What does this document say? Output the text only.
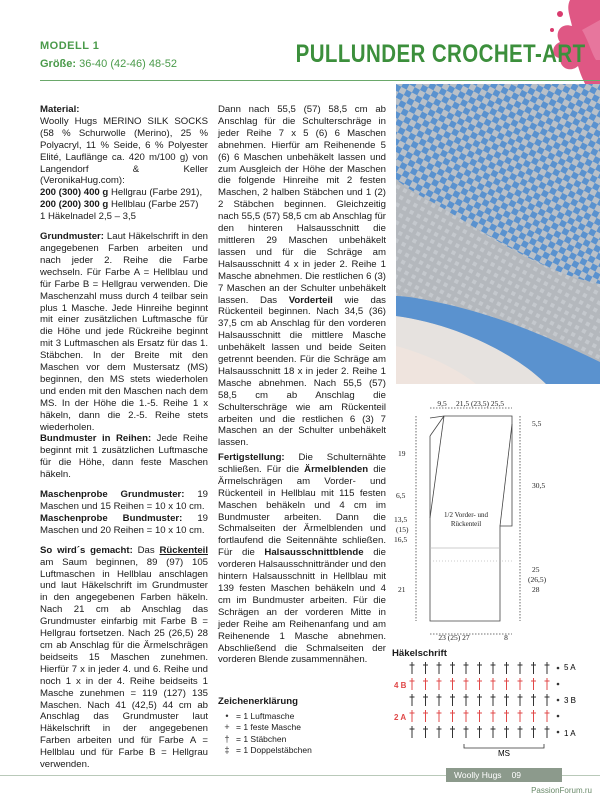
MODELL 1
Größe: 36-40 (42-46) 48-52	PULLUNDER CROCHET-ART

Material:
Woolly Hugs MERINO SILK SOCKS (58 % Schurwolle (Merino), 25 % Polyacryl, 11 % Seide, 6 % Polyester Elité, Lauflänge ca. 420 m/100 g) von Langendorf & Keller (VeronikaHug.com):
200 (300) 400 g Hellgrau (Farbe 291),
200 (200) 300 g Hellblau (Farbe 257)
1 Häkelnadel 2,5 – 3,5

Grundmuster: Laut Häkelschrift in den angegebenen Farben arbeiten und nach jeder 2. Reihe die Farbe wechseln. Für Farbe A = Hellblau und für Farbe B = Hellgrau verwenden. Die Maschenzahl muss durch 4 teilbar sein plus 1 Masche. Jede Hinreihe beginnt mit einer zusätzlichen Luftmasche für die Höhe und jede Rückreihe beginnt mit 3 Luftmaschen als Ersatz für das 1. Stäbchen. In der Breite mit den Maschen vor dem Mustersatz (MS) beginnen, den MS stets wiederholen und enden mit den Maschen nach dem MS. In der Höhe die 1.-5. Reihe 1 x häkeln, dann die 2.-5. Reihe stets wiederholen.
Bundmuster in Reihen: Jede Reihe beginnt mit 1 zusätzlichen Luftmasche für die Höhe, dann feste Maschen häkeln.

Maschenprobe Grundmuster: 19 Maschen und 15 Reihen = 10 x 10 cm.
Maschenprobe Bundmuster: 19 Maschen und 20 Reihen = 10 x 10 cm.

So wird´s gemacht: Das Rückenteil am Saum beginnen, 89 (97) 105 Luftmaschen in Hellblau anschlagen und laut Häkelschrift im Grundmuster in den angegebenen Farben häkeln. Nach 21 cm ab Anschlag das Grundmuster einfarbig mit Farbe B = Hellgrau fortsetzen. Nach 25 (26,5) 28 cm ab Anschlag für die Ärmelschrägen beidseits 15 Maschen zunehmen. Hierfür 7 x in jeder 4. und 6. Reihe und noch 1 x in der 4. Reihe beidseits 1 Masche zunehmen = 119 (127) 135 Maschen. Nach 41 (42,5) 44 cm ab Anschlag das Grundmuster laut Häkelschrift in der angegebenen Farben arbeiten und für Farbe A = Hellblau und für Farbe B = Hellgrau verwenden.

Dann nach 55,5 (57) 58,5 cm ab Anschlag für die Schulterschräge in jeder Reihe 7 x 5 (6) 6 Maschen abnehmen. Hierfür am Reihenende 5 (6) 6 Maschen unbehäkelt lassen und zum Ausgleich der Höhe der Maschen die folgende Hinreihe mit 2 festen Maschen, 2 halben Stäbchen und 1 (2) 2 Stäbchen beginnen. Gleichzeitig nach 55,5 (57) 58,5 cm ab Anschlag für den hinteren Halsausschnitt die mittleren 29 Maschen unbehäkelt lassen und für die Schräge am Halsausschnitt 4 x in jeder 2. Reihe 1 Masche abnehmen. Die restlichen 6 (3) 7 Maschen an der Schulter unbehäkelt lassen. Das Vorderteil wie das Rückenteil beginnen. Nach 34,5 (36) 37,5 cm ab Anschlag für den vorderen Halsausschnitt die mittlere Masche unbehäkelt lassen und beide Seiten getrennt beenden. Für die Schräge am Halsausschnitt 18 x in jeder 2. Reihe 1 Masche abnehmen. Nach 55,5 (57) 58,5 cm ab Anschlag die Schulterschräge wie am Rückenteil arbeiten und die restlichen 6 (3) 7 Maschen an der Schulter unbehäkelt lassen.

Fertigstellung: Die Schulternähte schließen. Für die Ärmelblenden die Ärmelschrägen am Vorder- und Rückenteil in Hellblau mit 115 festen Maschen behäkeln und 4 cm im Bundmuster arbeiten. Dann die Schmalseiten der Ärmelblenden und fortlaufend die Seitennähte schließen. Für die Halsausschnittblende die vorderen Halsausschnittränder und den hintern Halsausschnitt in Hellblau mit 139 festen Maschen behäkeln und 4 cm im Bundmuster arbeiten. Für die Schrägen an der vorderen Mitte in jeder Reihe am Reihenanfang und am Reihenende 1 Masche abnehmen. Abschließend die Schmalseiten der vorderen Blende zusammennähen.

Zeichenerklärung
• = 1 Luftmasche
+ = 1 feste Masche
† = 1 Stäbchen
‡ = 1 Doppelstäbchen
9,5 21,5 (23,5) 25,5
5,5
30,5
25
(26,5)
28
19
6,5
13,5
(15)
16,5
21
1/2 Vorder- und
Rückenteil
23 (25) 27	8
Häkelschrift
5 A
3 B
1 A
4 B
2 A
MS
Woolly Hugs 09
PassionForum.ru
